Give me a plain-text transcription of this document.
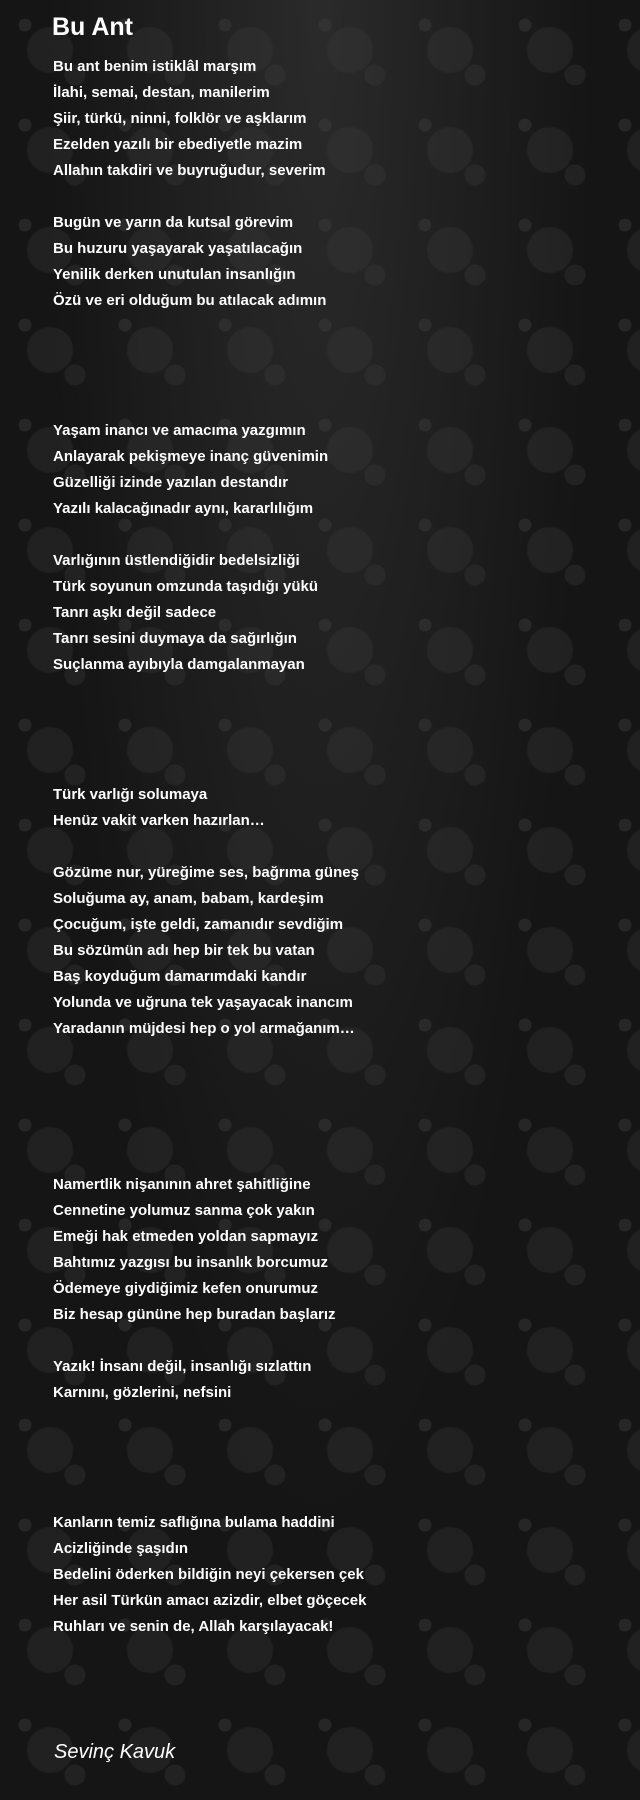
Bu Ant
Bu ant benim istiklâl marşım
İlahi, semai, destan, manilerim
Şiir, türkü, ninni, folklör ve aşklarım
Ezelden yazılı bir ebediyetle mazim
Allahın takdiri ve buyruğudur, severim
Bugün ve yarın da kutsal görevim
Bu huzuru yaşayarak yaşatılacağın
Yenilik derken unutulan insanlığın
Özü ve eri olduğum bu atılacak adımın
Yaşam inancı ve amacıma yazgımın
Anlayarak pekişmeye inanç güvenimin
Güzelliği izinde yazılan destandır
Yazılı kalacağınadır aynı, kararlılığım
Varlığının üstlendiğidir bedelsizliği
Türk soyunun omzunda taşıdığı yükü
Tanrı aşkı değil sadece
Tanrı sesini duymaya da sağırlığın
Suçlanma ayıbıyla damgalanmayan
Türk varlığı solumaya
Henüz vakit varken hazırlan…
Gözüme nur, yüreğime ses, bağrıma güneş
Soluğuma ay, anam, babam, kardeşim
Çocuğum, işte geldi, zamanıdır sevdiğim
Bu sözümün adı hep bir tek bu vatan
Baş koyduğum damarımdaki kandır
Yolunda ve uğruna tek yaşayacak inancım
Yaradanın müjdesi hep o yol armağanım…
Namertlik nişanının ahret şahitliğine
Cennetine yolumuz sanma çok yakın
Emeği hak etmeden yoldan sapmayız
Bahtımız yazgısı bu insanlık borcumuz
Ödemeye giydiğimiz kefen onurumuz
Biz hesap gününe hep buradan başlarız
Yazık! İnsanı değil, insanlığı sızlattın
Karnını, gözlerini, nefsini
Kanların temiz saflığına bulama haddini
Acizliğinde şaşıdın
Bedelini öderken bildiğin neyi çekersen çek
Her asil Türkün amacı azizdir, elbet göçecek
Ruhları ve senin de, Allah karşılayacak!
Sevinç Kavuk
